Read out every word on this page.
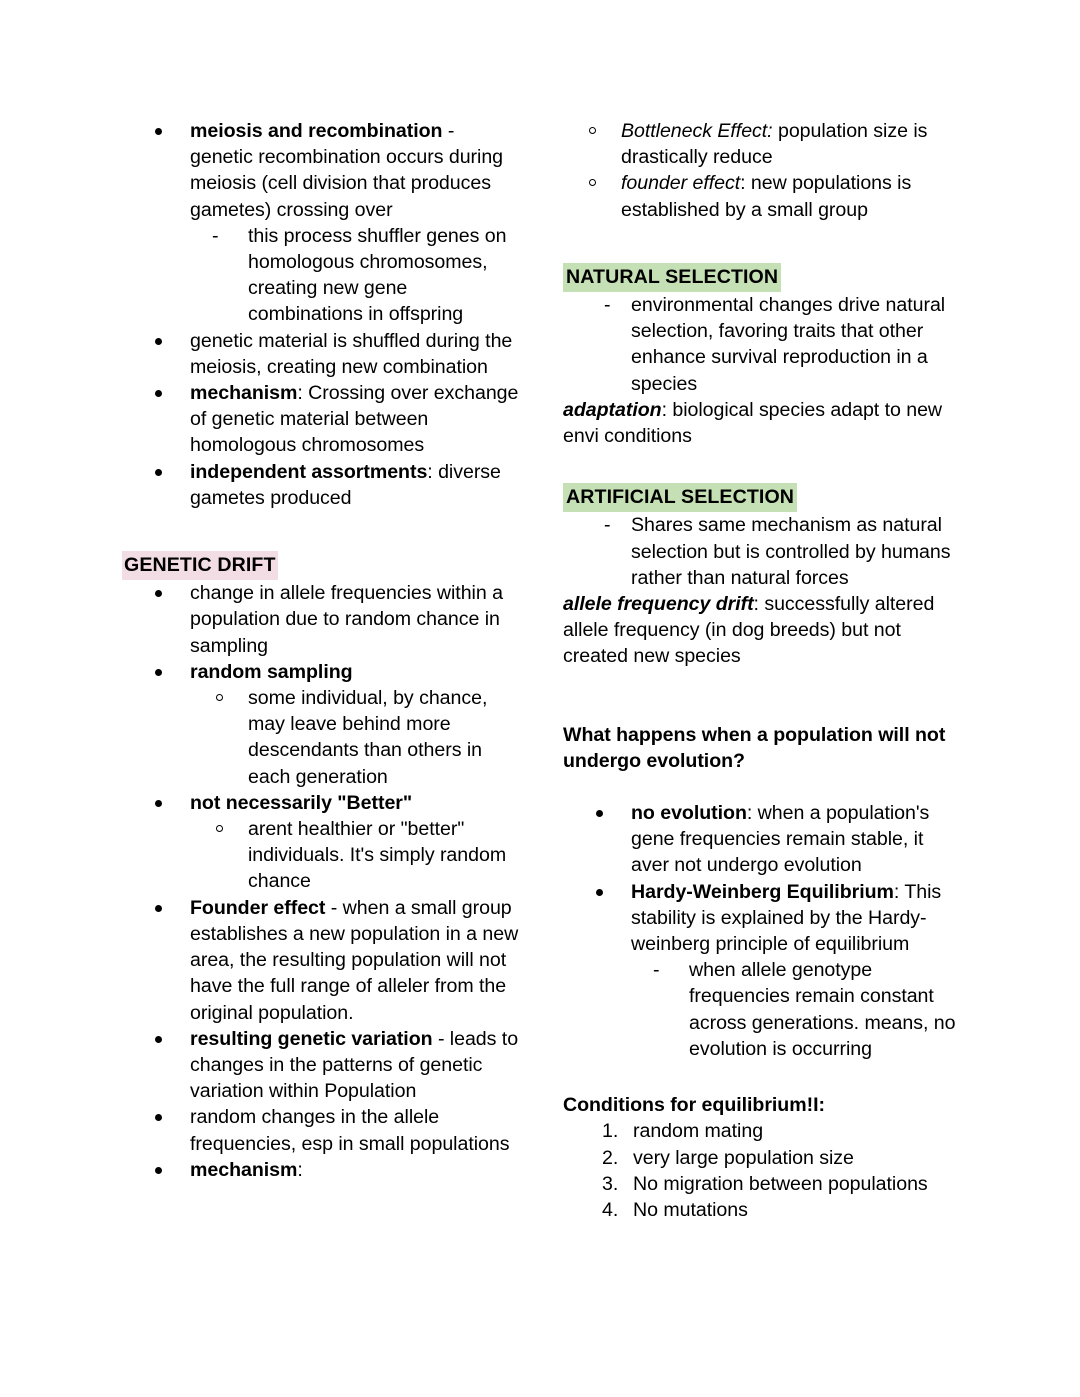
meiosis and recombination - genetic recombination occurs during meiosis (cell division that produces gametes) crossing over
- this process shuffler genes on homologous chromosomes, creating new gene combinations in offspring
genetic material is shuffled during the meiosis, creating new combination
mechanism: Crossing over exchange of genetic material between homologous chromosomes
independent assortments: diverse gametes produced
GENETIC DRIFT
change in allele frequencies within a population due to random chance in sampling
random sampling
some individual, by chance, may leave behind more descendants than others in each generation
not necessarily "Better"
arent healthier or "better" individuals. It's simply random chance
Founder effect - when a small group establishes a new population in a new area, the resulting population will not have the full range of alleler from the original population.
resulting genetic variation - leads to changes in the patterns of genetic variation within Population
random changes in the allele frequencies, esp in small populations
mechanism:
Bottleneck Effect: population size is drastically reduce
founder effect: new populations is established by a small group
NATURAL SELECTION
- environmental changes drive natural selection, favoring traits that other enhance survival reproduction in a species
adaptation: biological species adapt to new envi conditions
ARTIFICIAL SELECTION
- Shares same mechanism as natural selection but is controlled by humans rather than natural forces
allele frequency drift: successfully altered allele frequency (in dog breeds) but not created new species
What happens when a population will not undergo evolution?
no evolution: when a population's gene frequencies remain stable, it aver not undergo evolution
Hardy-Weinberg Equilibrium: This stability is explained by the Hardy-weinberg principle of equilibrium
- when allele genotype frequencies remain constant across generations. means, no evolution is occurring
Conditions for equilibrium!I:
1. random mating
2. very large population size
3. No migration between populations
4. No mutations
